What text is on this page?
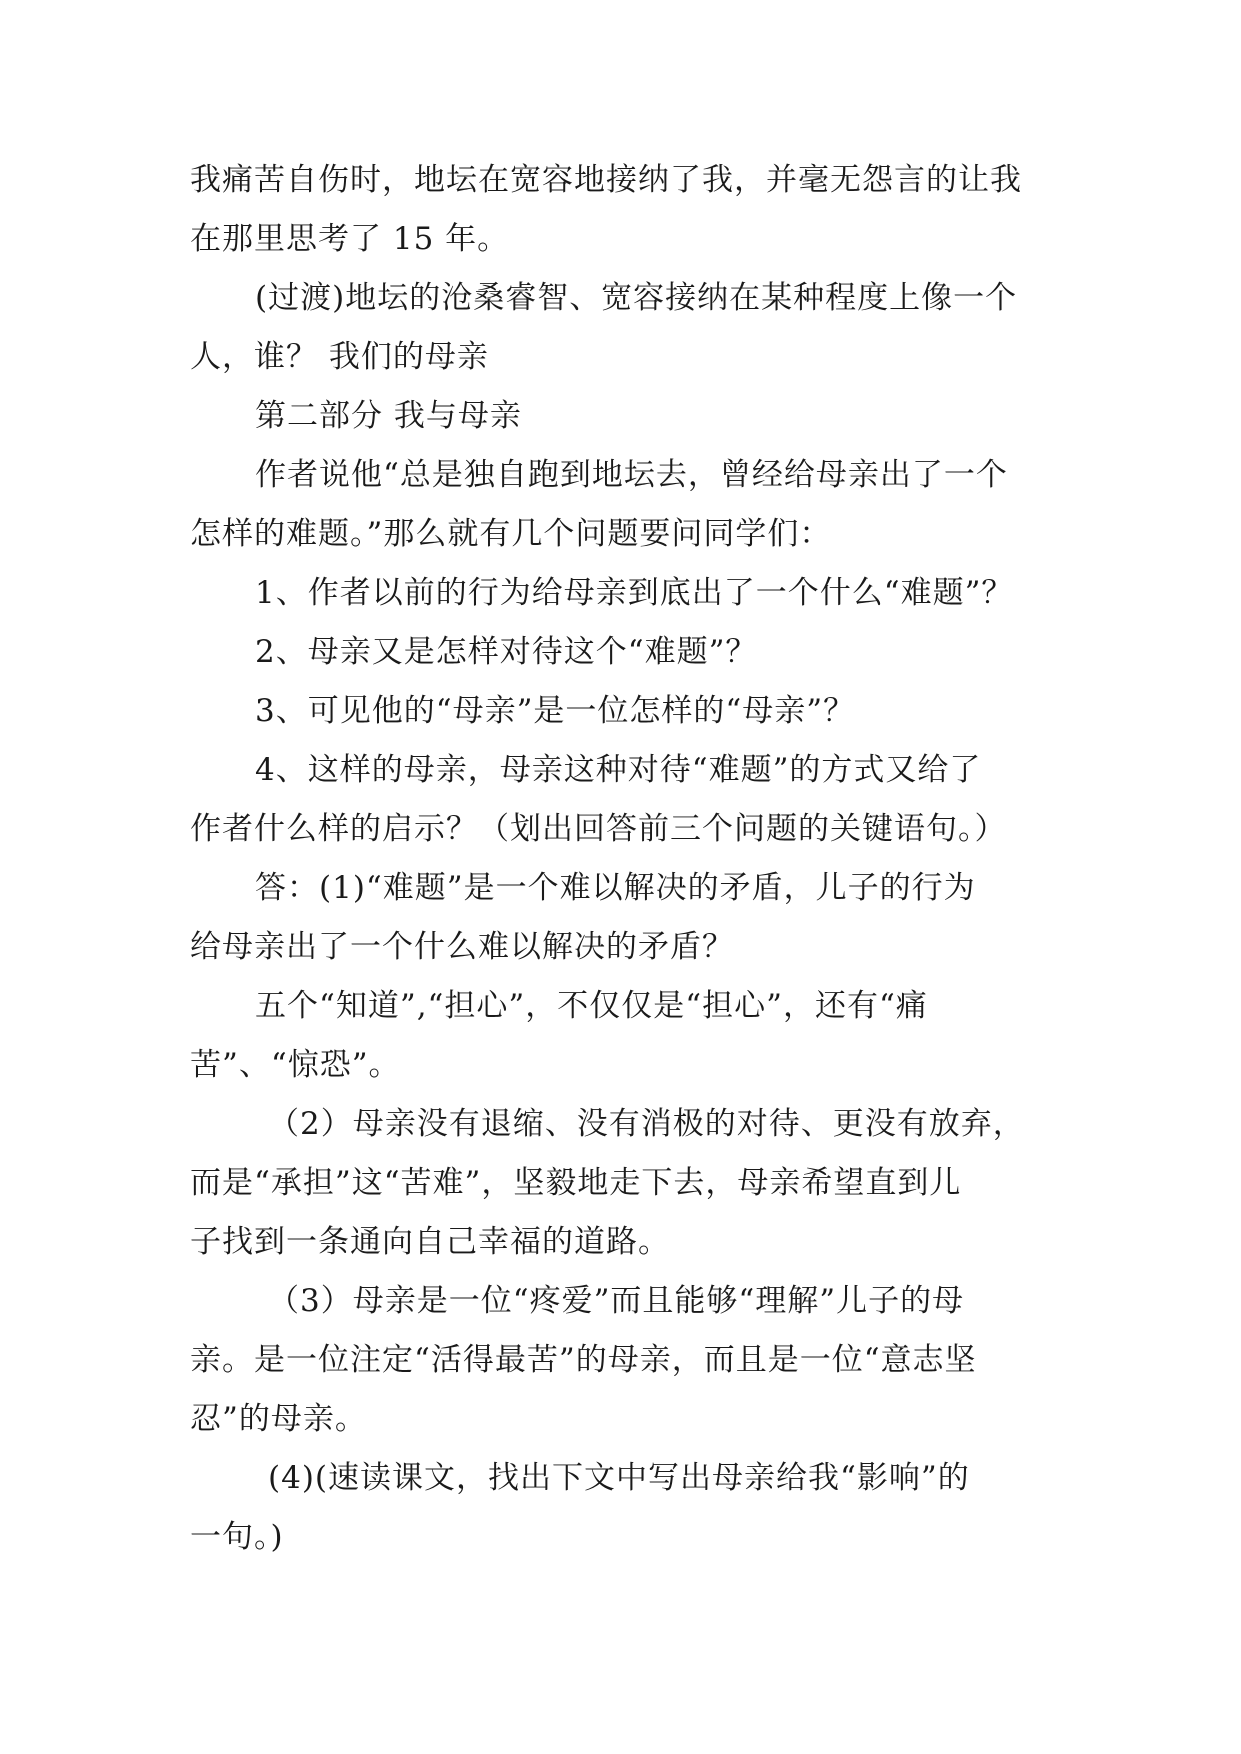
我痛苦自伤时，地坛在宽容地接纳了我，并毫无怨言的让我
在那里思考了 15 年。
(过渡)地坛的沧桑睿智、宽容接纳在某种程度上像一个
人，谁？ 我们的母亲
第二部分 我与母亲
作者说他“总是独自跑到地坛去，曾经给母亲出了一个
怎样的难题。”那么就有几个问题要问同学们：
1、作者以前的行为给母亲到底出了一个什么“难题”？
2、母亲又是怎样对待这个“难题”？
3、可见他的“母亲”是一位怎样的“母亲”？
4、这样的母亲，母亲这种对待“难题”的方式又给了
作者什么样的启示？（划出回答前三个问题的关键语句。）
答：(1)“难题”是一个难以解决的矛盾，儿子的行为
给母亲出了一个什么难以解决的矛盾？
五个“知道”,“担心”，不仅仅是“担心”，还有“痛
苦”、“惊恐”。
（2）母亲没有退缩、没有消极的对待、更没有放弃，
而是“承担”这“苦难”，坚毅地走下去，母亲希望直到儿
子找到一条通向自己幸福的道路。
（3）母亲是一位“疼爱”而且能够“理解”儿子的母
亲。是一位注定“活得最苦”的母亲，而且是一位“意志坚
忍”的母亲。
(4)(速读课文，找出下文中写出母亲给我“影响”的
一句。)
